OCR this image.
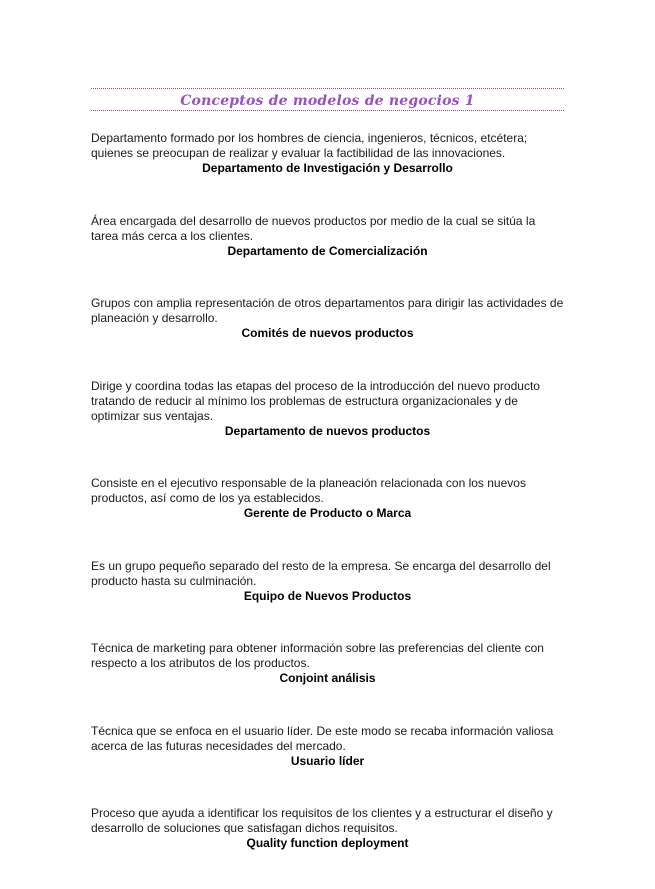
Conceptos de modelos de negocios 1

Departamento formado por los hombres de ciencia, ingenieros, técnicos, etcétera; quienes se preocupan de realizar y evaluar la factibilidad de las innovaciones.

Departamento de Investigación y Desarrollo

Área encargada del desarrollo de nuevos productos por medio de la cual se sitúa la tarea más cerca a los clientes.

Departamento de Comercialización

Grupos con amplia representación de otros departamentos para dirigir las actividades de planeación y desarrollo.

Comités de nuevos productos

Dirige y coordina todas las etapas del proceso de la introducción del nuevo producto tratando de reducir al mínimo los problemas de estructura organizacionales y de optimizar sus ventajas.

Departamento de nuevos productos

Consiste en el ejecutivo responsable de la planeación relacionada con los nuevos productos, así como de los ya establecidos.

Gerente de Producto o Marca

Es un grupo pequeño separado del resto de la empresa. Se encarga del desarrollo del producto hasta su culminación.

Equipo de Nuevos Productos

Técnica de marketing para obtener información sobre las preferencias del cliente con respecto a los atributos de los productos.

Conjoint análisis

Técnica que se enfoca en el usuario líder. De este modo se recaba información valiosa acerca de las futuras necesidades del mercado.

Usuario líder

Proceso que ayuda a identificar los requisitos de los clientes y a estructurar el diseño y desarrollo de soluciones que satisfagan dichos requisitos.

Quality function deployment
